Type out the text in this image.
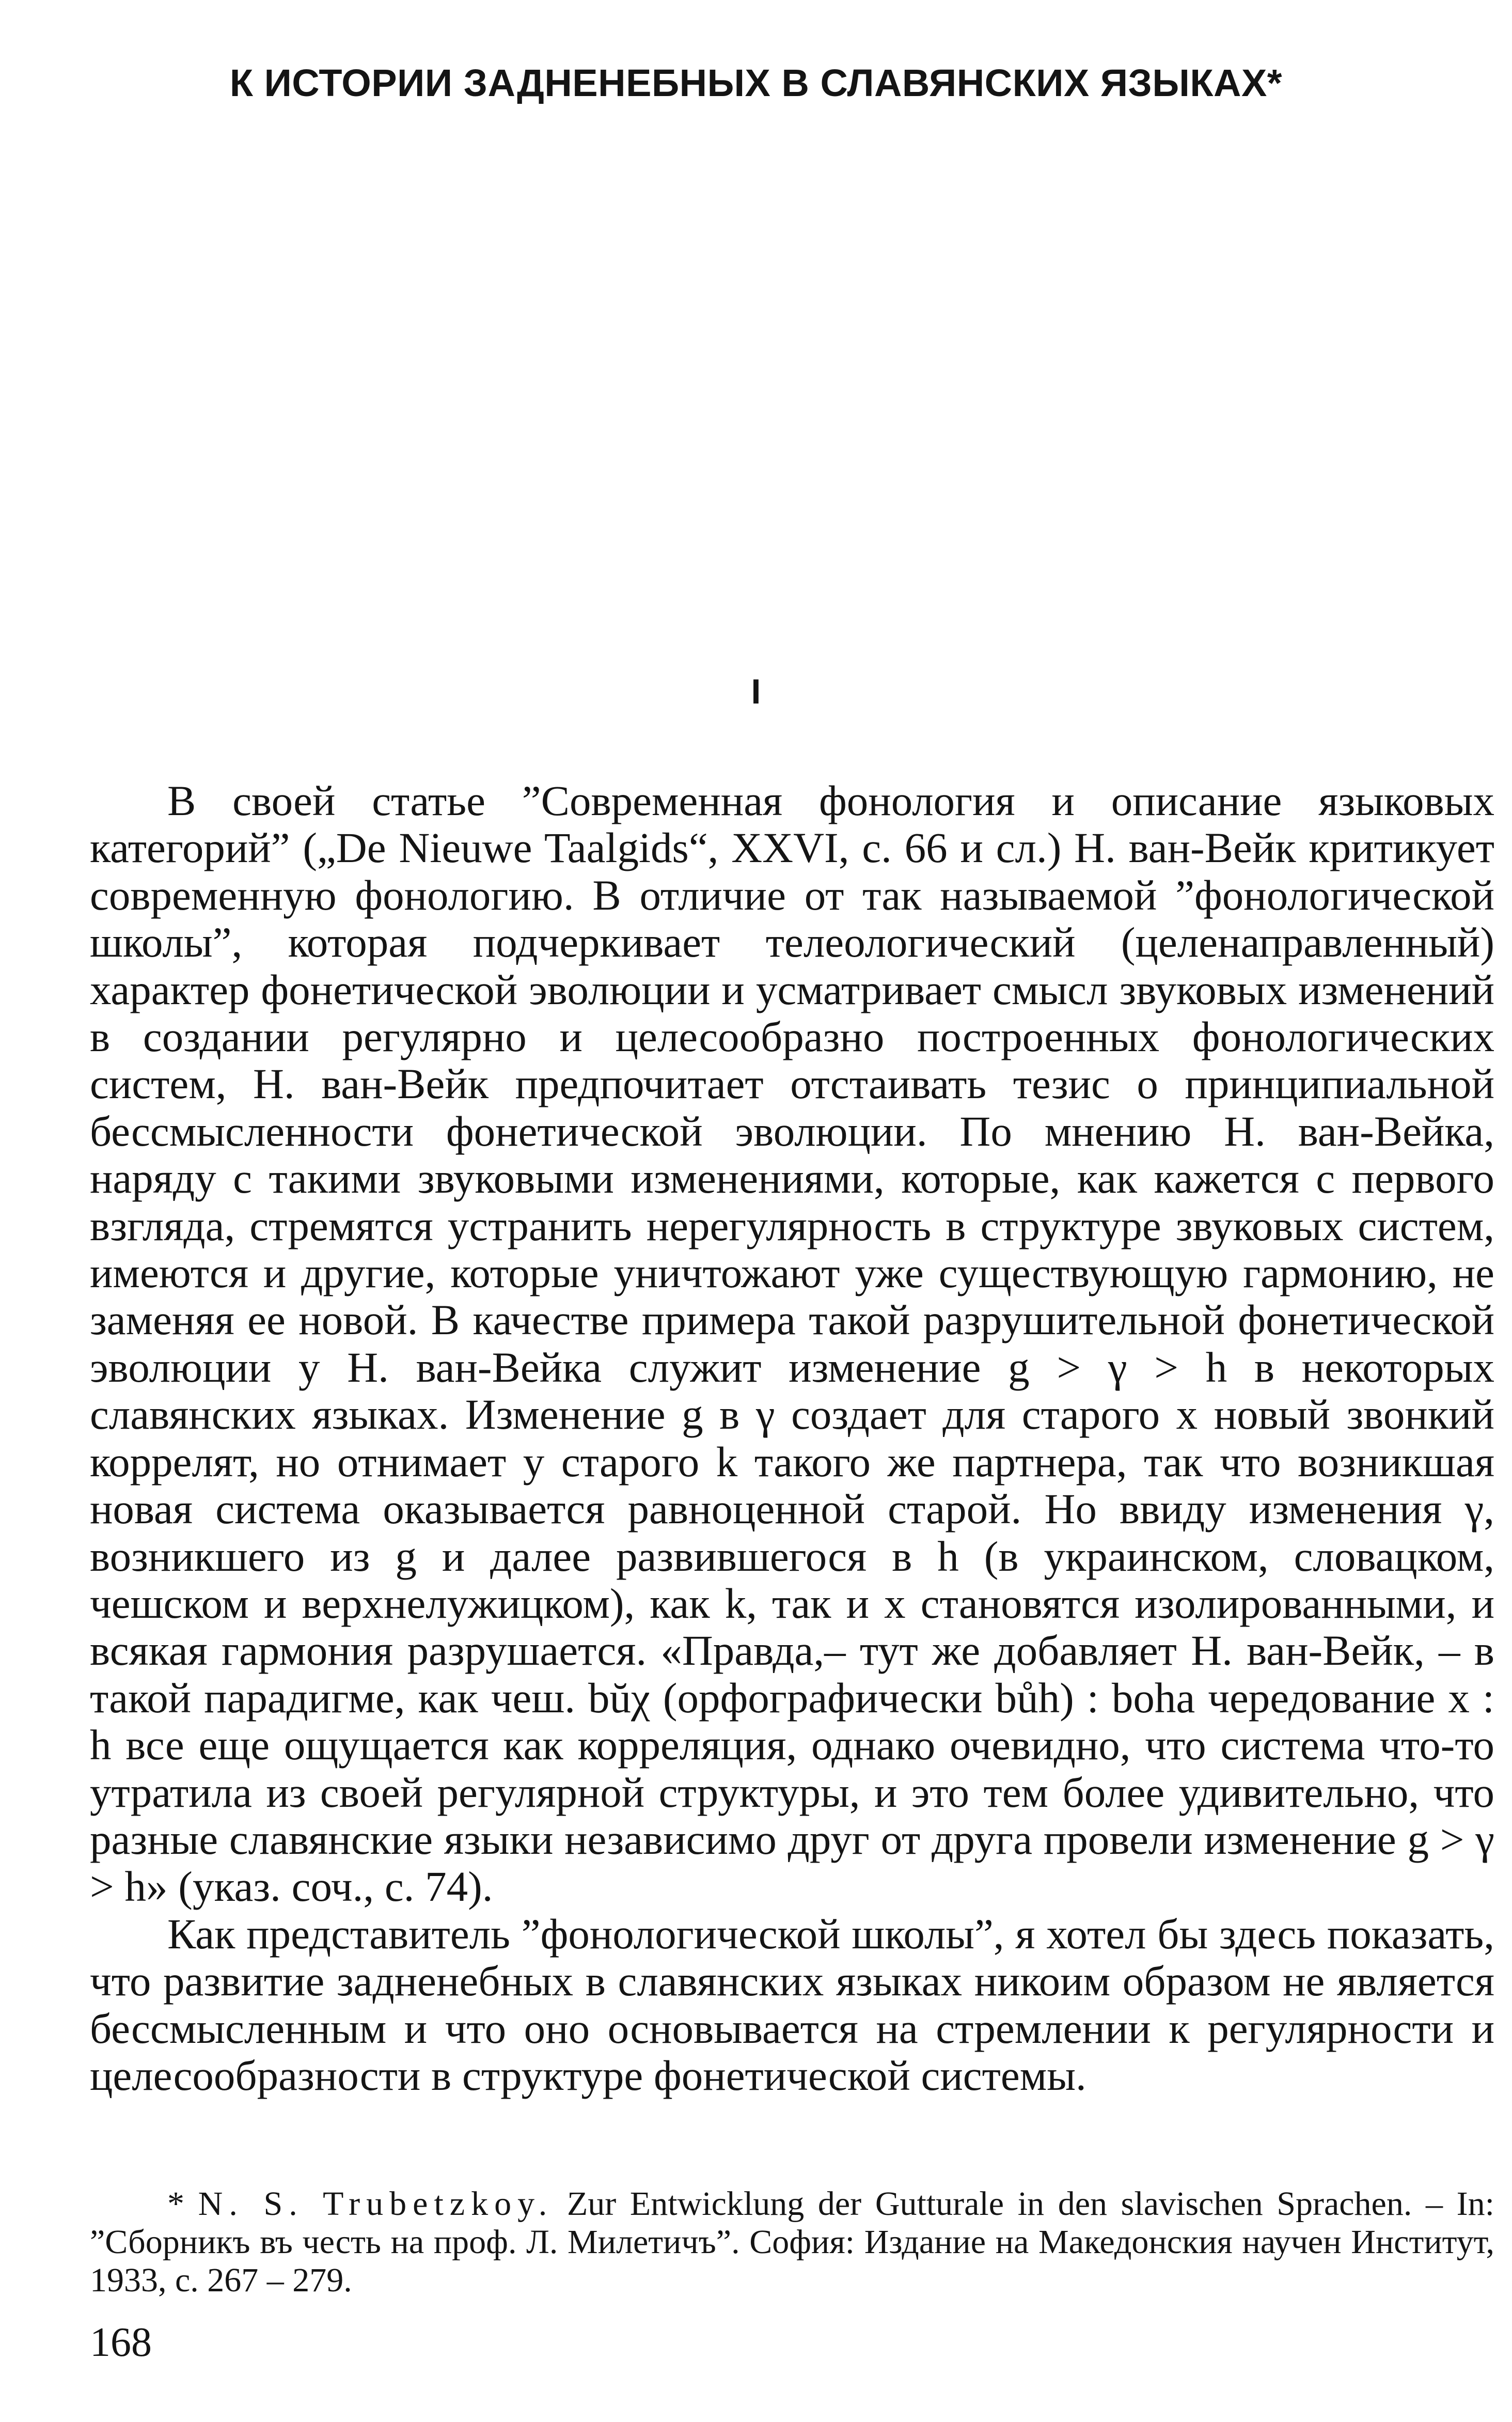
К ИСТОРИИ ЗАДНЕНЕБНЫХ В СЛАВЯНСКИХ ЯЗЫКАХ*
I

В своей статье ”Современная фонология и описание языковых категорий” („De Nieuwe Taalgids“, XXVI, с. 66 и сл.) Н. ван-Вейк критикует современную фонологию. В отличие от так называемой ”фонологической школы”, которая подчеркивает телеологический (целенаправленный) характер фонетической эволюции и усматривает смысл звуковых изменений в создании регулярно и целесообразно построенных фонологических систем, Н. ван-Вейк предпочитает отстаивать тезис о принципиальной бессмысленности фонетической эволюции. По мнению Н. ван-Вейка, наряду с такими звуковыми изменениями, которые, как кажется с первого взгляда, стремятся устранить нерегулярность в структуре звуковых систем, имеются и другие, которые уничтожают уже существующую гармонию, не заменяя ее новой. В качестве примера такой разрушительной фонетической эволюции у Н. ван-Вейка служит изменение g > γ > h в некоторых славянских языках. Изменение g в γ создает для старого x новый звонкий коррелят, но отнимает у старого k такого же партнера, так что возникшая новая система оказывается равноценной старой. Но ввиду изменения γ, возникшего из g и далее развившегося в h (в украинском, словацком, чешском и верхнелужицком), как k, так и x становятся изолированными, и всякая гармония разрушается. «Правда,– тут же добавляет Н. ван-Вейк, – в такой парадигме, как чеш. bŭχ (орфографически bůh) : boha чередование x : h все еще ощущается как корреляция, однако очевидно, что система что-то утратила из своей регулярной структуры, и это тем более удивительно, что разные славянские языки независимо друг от друга провели изменение g > γ > h» (указ. соч., с. 74).

Как представитель ”фонологической школы”, я хотел бы здесь показать, что развитие задненебных в славянских языках никоим образом не является бессмысленным и что оно основывается на стремлении к регулярности и целесообразности в структуре фонетической системы.

* N. S. Trubetzkoy. Zur Entwicklung der Gutturale in den slavischen Sprachen. – In: ”Сборникъ въ честь на проф. Л. Милетичъ”. София: Издание на Македонския научен Институт, 1933, с. 267 – 279.

168
